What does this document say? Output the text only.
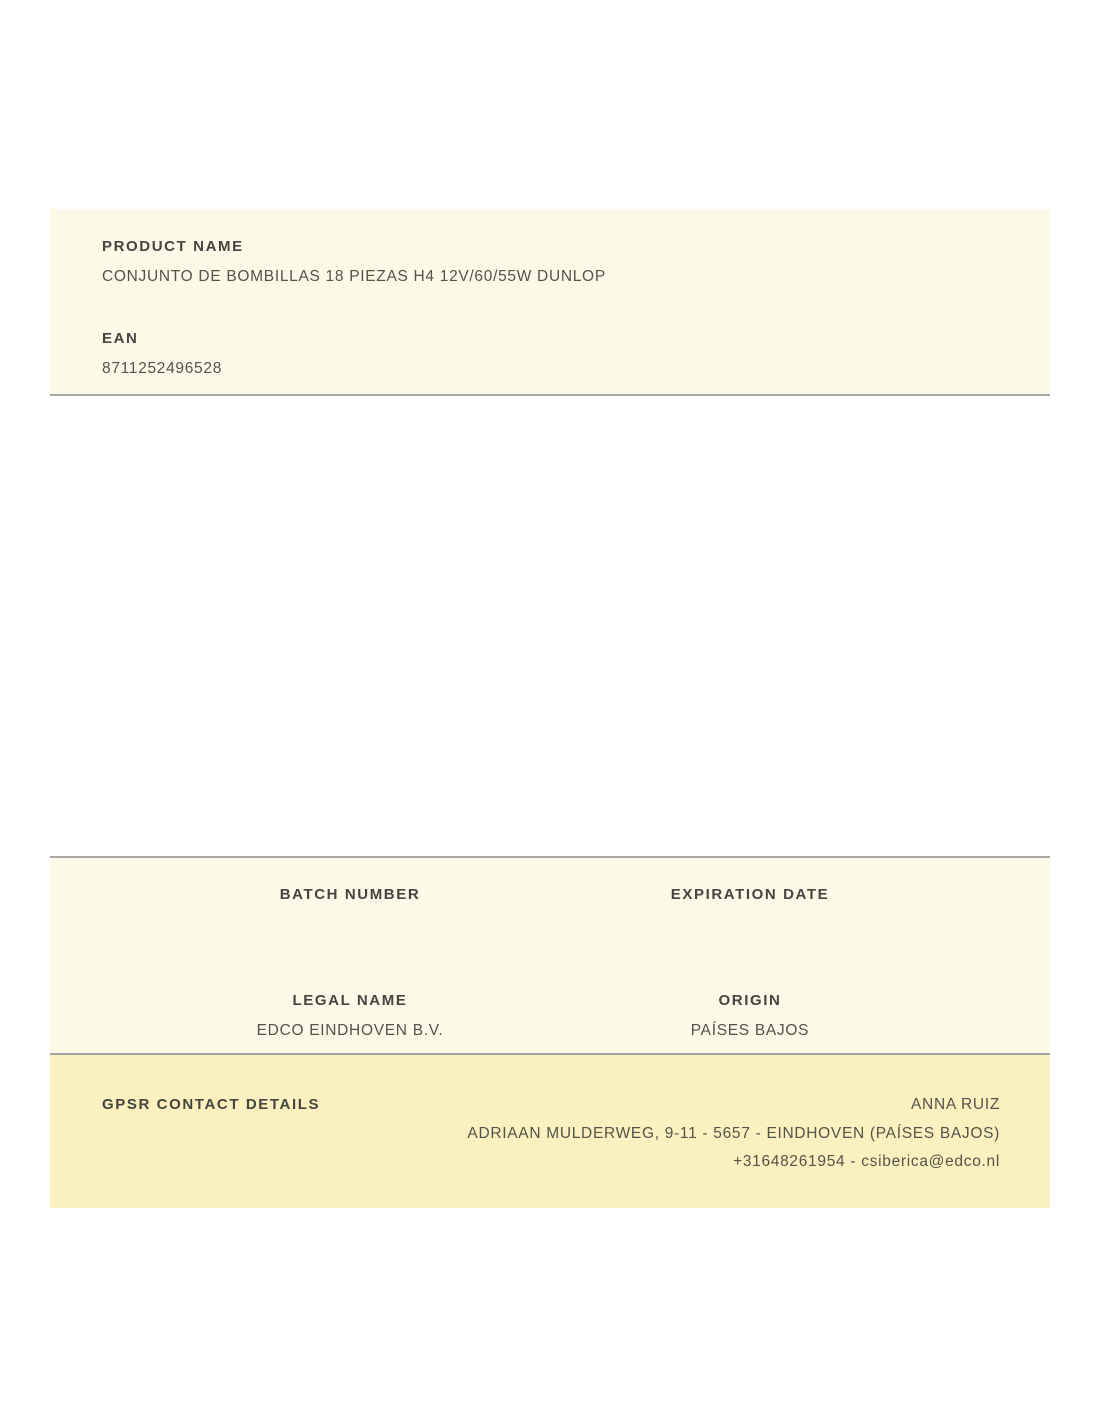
PRODUCT NAME
CONJUNTO DE BOMBILLAS 18 PIEZAS H4 12V/60/55W DUNLOP
EAN
8711252496528
BATCH NUMBER	EXPIRATION DATE
LEGAL NAME
EDCO EINDHOVEN B.V.
ORIGIN
PAÍSES BAJOS
GPSR CONTACT DETAILS	ANNA RUIZ
ADRIAAN MULDERWEG, 9-11 - 5657 - EINDHOVEN (PAÍSES BAJOS)
+31648261954 - csiberica@edco.nl
